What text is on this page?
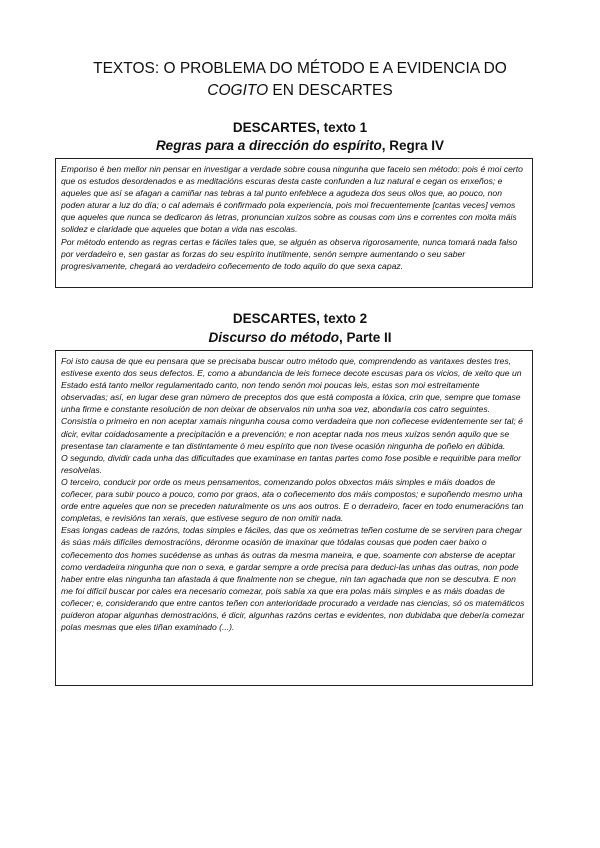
TEXTOS: O PROBLEMA DO MÉTODO E A EVIDENCIA DO
COGITO EN DESCARTES
DESCARTES, texto 1
Regras para a dirección do espírito, Regra IV

Emporiso é ben mellor nin pensar en investigar a verdade sobre cousa ningunha que facelo sen método: pois é moi certo que os estudos desordenados e as meditacións escuras desta caste confunden a luz natural e cegan os enxeños; e aqueles que así se afagan a camiñar nas tebras a tal punto enfeblece a agudeza dos seus ollos que, ao pouco, non poden aturar a luz do día; o cal ademais é confirmado pola experiencia, pois moi frecuentemente [cantas veces] vemos que aqueles que nunca se dedicaron ás letras, pronuncian xuízos sobre as cousas com úns e correntes con moita máis solidez e claridade que aqueles que botan a vida nas escolas.

Por método entendo as regras certas e fáciles tales que, se alguén as observa rigorosamente, nunca tomará nada falso por verdadeiro e, sen gastar as forzas do seu espírito inutilmente, senón sempre aumentando o seu saber progresivamente, chegará ao verdadeiro coñecemento de todo aquilo do que sexa capaz.

DESCARTES, texto 2
Discurso do método, Parte II

Foi isto causa de que eu pensara que se precisaba buscar outro método que, comprendendo as vantaxes destes tres, estivese exento dos seus defectos. E, como a abundancia de leis fornece decote escusas para os vicios, de xeito que un Estado está tanto mellor regulamentado canto, non tendo senón moi poucas leis, estas son moi estreitamente observadas; así, en lugar dese gran número de preceptos dos que está composta a lóxica, crin que, sempre que tomase unha firme e constante resolución de non deixar de observalos nin unha soa vez, abondaría cos catro seguintes.

Consistía o primeiro en non aceptar xamais ningunha cousa como verdadeira que non coñecese evidentemente ser tal; é dicir, evitar coidadosamente a precipitación e a prevención; e non aceptar nada nos meus xuízos senón aquilo que se presentase tan claramente e tan distintamente ó meu espírito que non tivese ocasión ningunha de poñelo en dúbida.

O segundo, dividir cada unha das dificultades que examinase en tantas partes como fose posible e requirible para mellor resolvelas.

O terceiro, conducir por orde os meus pensamentos, comenzando polos obxectos máis simples e máis doados de coñecer, para subir pouco a pouco, como por graos, ata o coñecemento dos máis compostos; e supoñendo mesmo unha orde entre aqueles que non se preceden naturalmente os uns aos outros. E o derradeiro, facer en todo enumeracións tan completas, e revisións tan xerais, que estivese seguro de non omitir nada.

Esas longas cadeas de razóns, todas simples e fáciles, das que os xeómetras teñen costume de se serviren para chegar ás súas máis difíciles demostracións, déronme ocasión de imaxinar que tódalas cousas que poden caer baixo o coñecemento dos homes sucédense as unhas ás outras da mesma maneira, e que, soamente con absterse de aceptar como verdadeira ningunha que non o sexa, e gardar sempre a orde precisa para deduci-las unhas das outras, non pode haber entre elas ningunha tan afastada á que finalmente non se chegue, nin tan agachada que non se descubra. E non me foi difícil buscar por cales era necesario comezar, pois sabía xa que era polas máis simples e as máis doadas de coñecer; e, considerando que entre cantos teñen con anterioridade procurado a verdade nas ciencias, só os matemáticos puideron atopar algunhas demostracións, é dicir, algunhas razóns certas e evidentes, non dubidaba que debería comezar polas mesmas que eles tiñan examinado (...).
